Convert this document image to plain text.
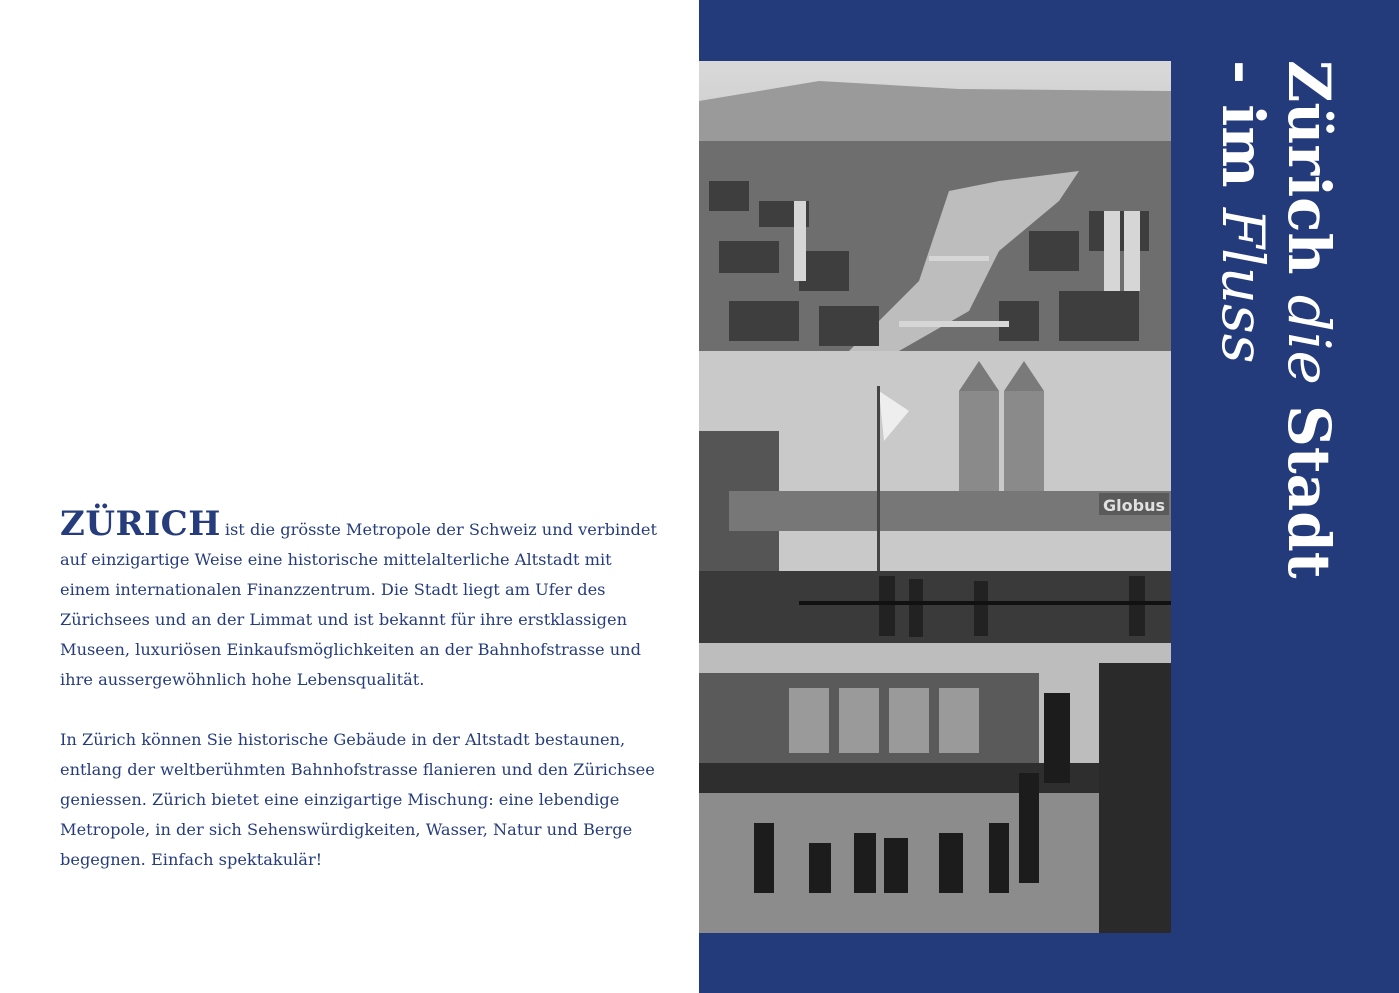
ZÜRICH ist die grösste Metropole der Schweiz und verbindet auf einzigartige Weise eine historische mittelalterliche Altstadt mit einem internationalen Finanzzentrum. Die Stadt liegt am Ufer des Zürichsees und an der Limmat und ist bekannt für ihre erstklassigen Museen, luxuriösen Einkaufsmöglichkeiten an der Bahnhofstrasse und ihre aussergewöhnlich hohe Lebensqualität.

In Zürich können Sie historische Gebäude in der Altstadt bestaunen, entlang der weltberühmten Bahnhofstrasse flanieren und den Zürichsee geniessen. Zürich bietet eine einzigartige Mischung: eine lebendige Metropole, in der sich Sehenswürdigkeiten, Wasser, Natur und Berge begegnen. Einfach spektakulär!

Globus
Zürich die Stadt
- im Fluss
